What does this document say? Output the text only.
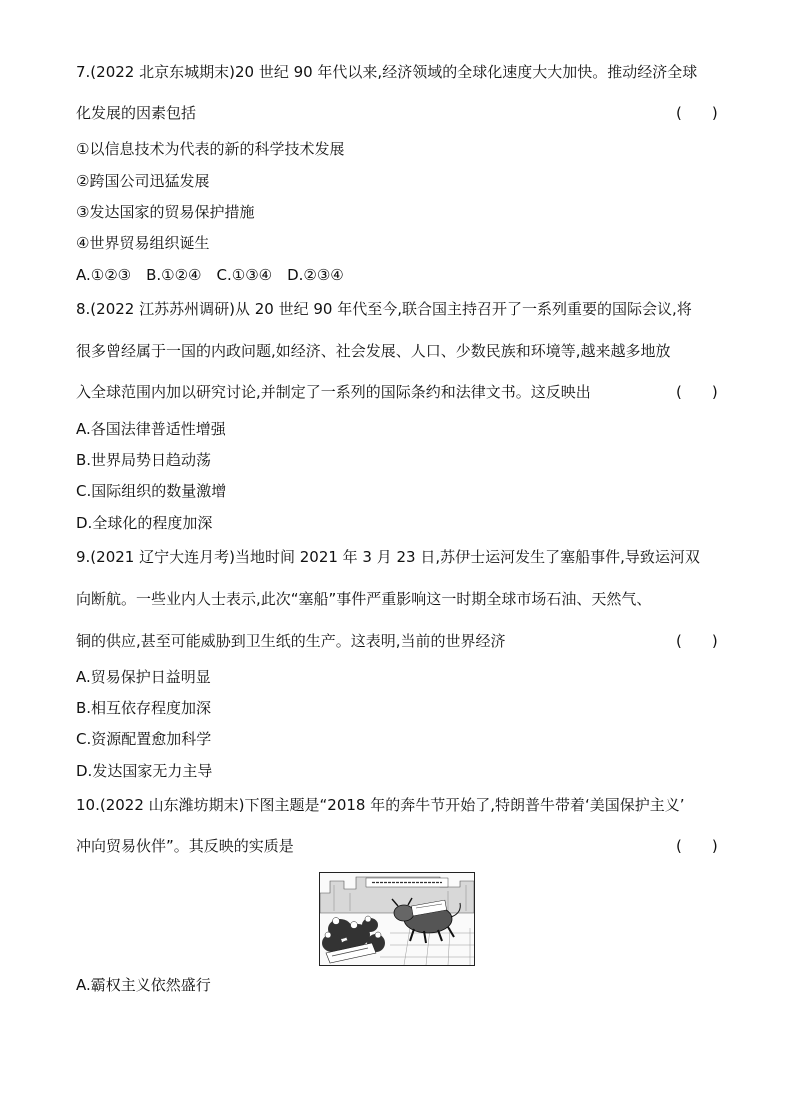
7.(2022 北京东城期末)20 世纪 90 年代以来,经济领域的全球化速度大大加快。推动经济全球
化发展的因素包括	(　　)
①以信息技术为代表的新的科学技术发展
②跨国公司迅猛发展
③发达国家的贸易保护措施
④世界贸易组织诞生
A.①②③　B.①②④　C.①③④　D.②③④
8.(2022 江苏苏州调研)从 20 世纪 90 年代至今,联合国主持召开了一系列重要的国际会议,将
很多曾经属于一国的内政问题,如经济、社会发展、人口、少数民族和环境等,越来越多地放
入全球范围内加以研究讨论,并制定了一系列的国际条约和法律文书。这反映出	(　　)
A.各国法律普适性增强
B.世界局势日趋动荡
C.国际组织的数量激增
D.全球化的程度加深
9.(2021 辽宁大连月考)当地时间 2021 年 3 月 23 日,苏伊士运河发生了塞船事件,导致运河双
向断航。一些业内人士表示,此次“塞船”事件严重影响这一时期全球市场石油、天然气、
铜的供应,甚至可能威胁到卫生纸的生产。这表明,当前的世界经济	(　　)
A.贸易保护日益明显
B.相互依存程度加深
C.资源配置愈加科学
D.发达国家无力主导
10.(2022 山东潍坊期末)下图主题是“2018 年的奔牛节开始了,特朗普牛带着‘美国保护主义’
冲向贸易伙伴”。其反映的实质是	(　　)
A.霸权主义依然盛行
